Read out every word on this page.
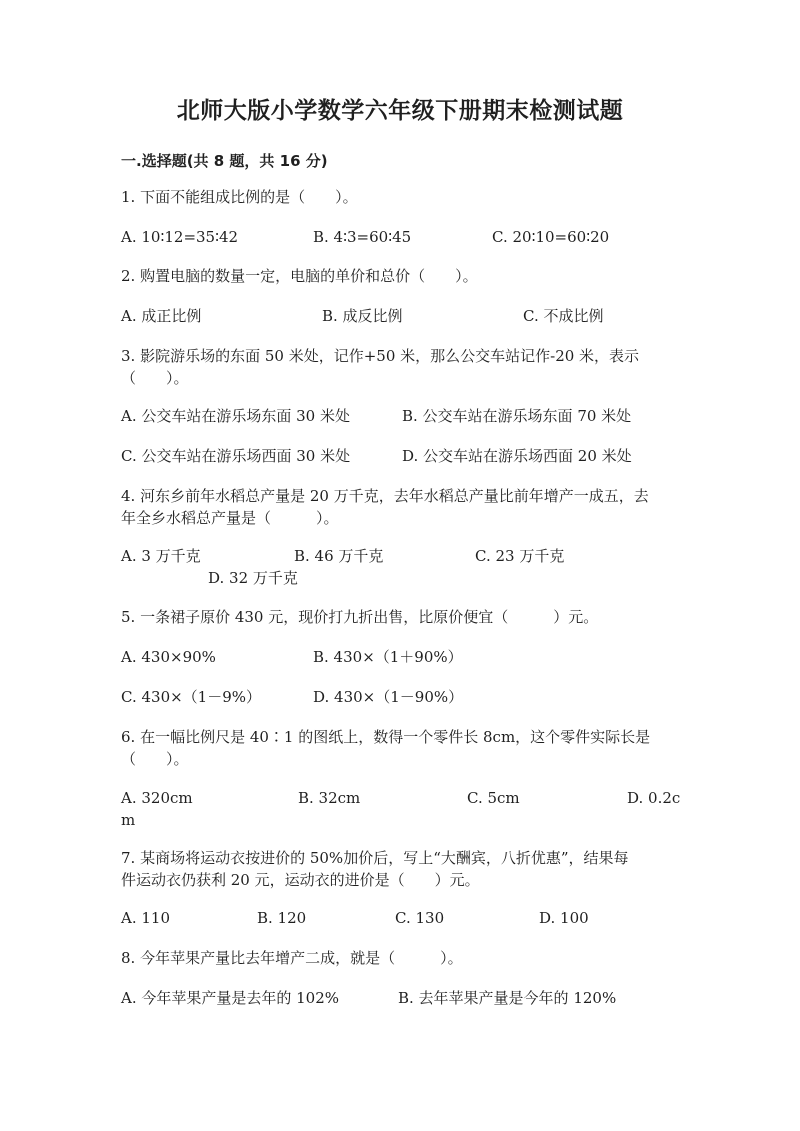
北师大版小学数学六年级下册期末检测试题
一.选择题(共 8 题，共 16 分)
1. 下面不能组成比例的是（　　）。
A. 10∶12=35∶42	B. 4∶3=60∶45	C. 20∶10=60∶20
2. 购置电脑的数量一定，电脑的单价和总价（　　）。
A. 成正比例	B. 成反比例	C. 不成比例
3. 影院游乐场的东面 50 米处，记作+50 米，那么公交车站记作-20 米，表示
（　　）。
A. 公交车站在游乐场东面 30 米处	B. 公交车站在游乐场东面 70 米处
C. 公交车站在游乐场西面 30 米处	D. 公交车站在游乐场西面 20 米处
4. 河东乡前年水稻总产量是 20 万千克，去年水稻总产量比前年增产一成五，去
年全乡水稻总产量是（　　　）。
A. 3 万千克	B. 46 万千克	C. 23 万千克
D. 32 万千克
5. 一条裙子原价 430 元，现价打九折出售，比原价便宜（　　　）元。
A. 430×90%	B. 430×（1＋90%）
C. 430×（1－9%）	D. 430×（1－90%）
6. 在一幅比例尺是 40∶1 的图纸上，数得一个零件长 8cm，这个零件实际长是
（　　）。
A. 320cm	B. 32cm	C. 5cm	D. 0.2c
m
7. 某商场将运动衣按进价的 50%加价后，写上“大酬宾，八折优惠”，结果每
件运动衣仍获利 20 元，运动衣的进价是（　　）元。
A. 110	B. 120	C. 130	D. 100
8. 今年苹果产量比去年增产二成，就是（　　　）。
A. 今年苹果产量是去年的 102%	B. 去年苹果产量是今年的 120%
